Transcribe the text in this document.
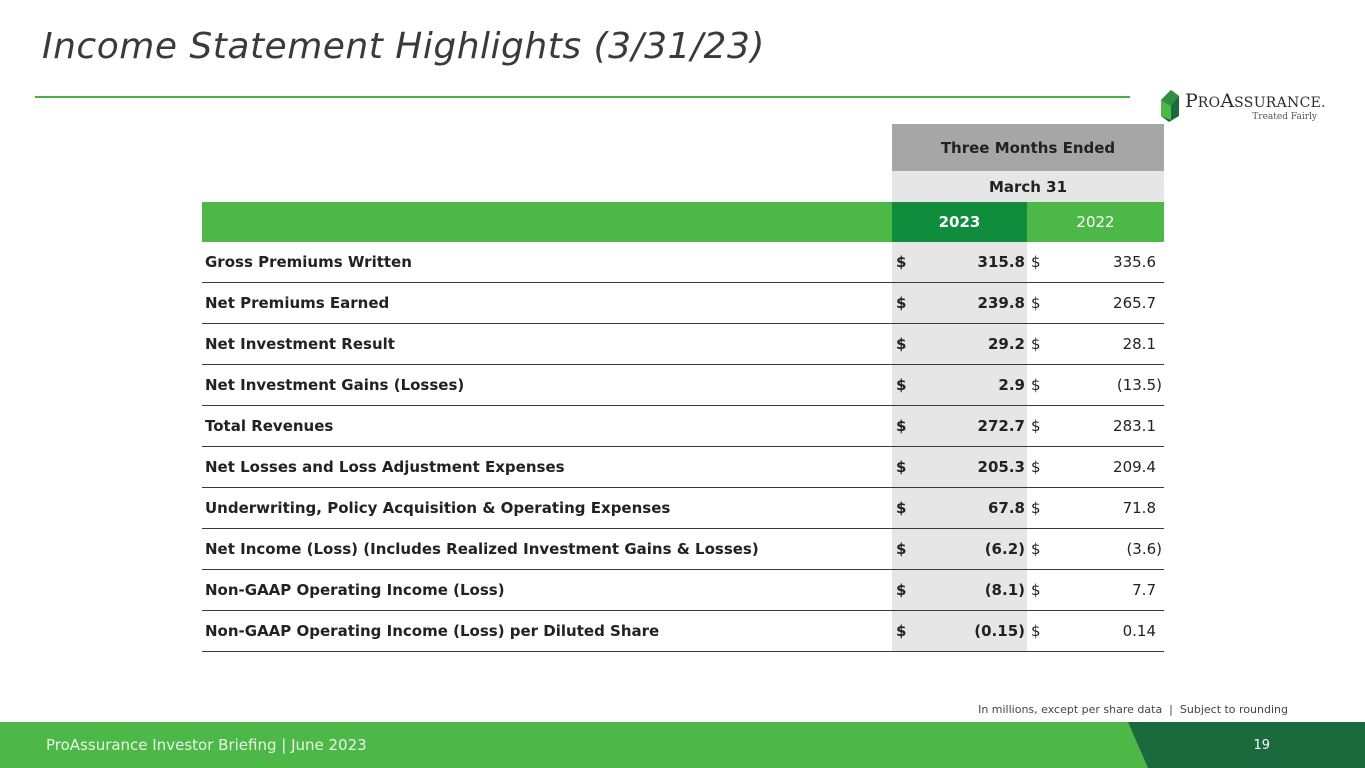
Income Statement Highlights (3/31/23)
PROASSURANCE.
Treated Fairly
	Three Months Ended			
	March 31			
	2023		2022	
Gross Premiums Written	$	315.8	$	335.6
Net Premiums Earned	$	239.8	$	265.7
Net Investment Result	$	29.2	$	28.1
Net Investment Gains (Losses)	$	2.9	$	(13.5)
Total Revenues	$	272.7	$	283.1
Net Losses and Loss Adjustment Expenses	$	205.3	$	209.4
Underwriting, Policy Acquisition & Operating Expenses	$	67.8	$	71.8
Net Income (Loss) (Includes Realized Investment Gains & Losses)	$	(6.2)	$	(3.6)
Non-GAAP Operating Income (Loss)	$	(8.1)	$	7.7
Non-GAAP Operating Income (Loss) per Diluted Share	$	(0.15)	$	0.14
In millions, except per share data  |  Subject to rounding
ProAssurance Investor Briefing | June 2023	19
